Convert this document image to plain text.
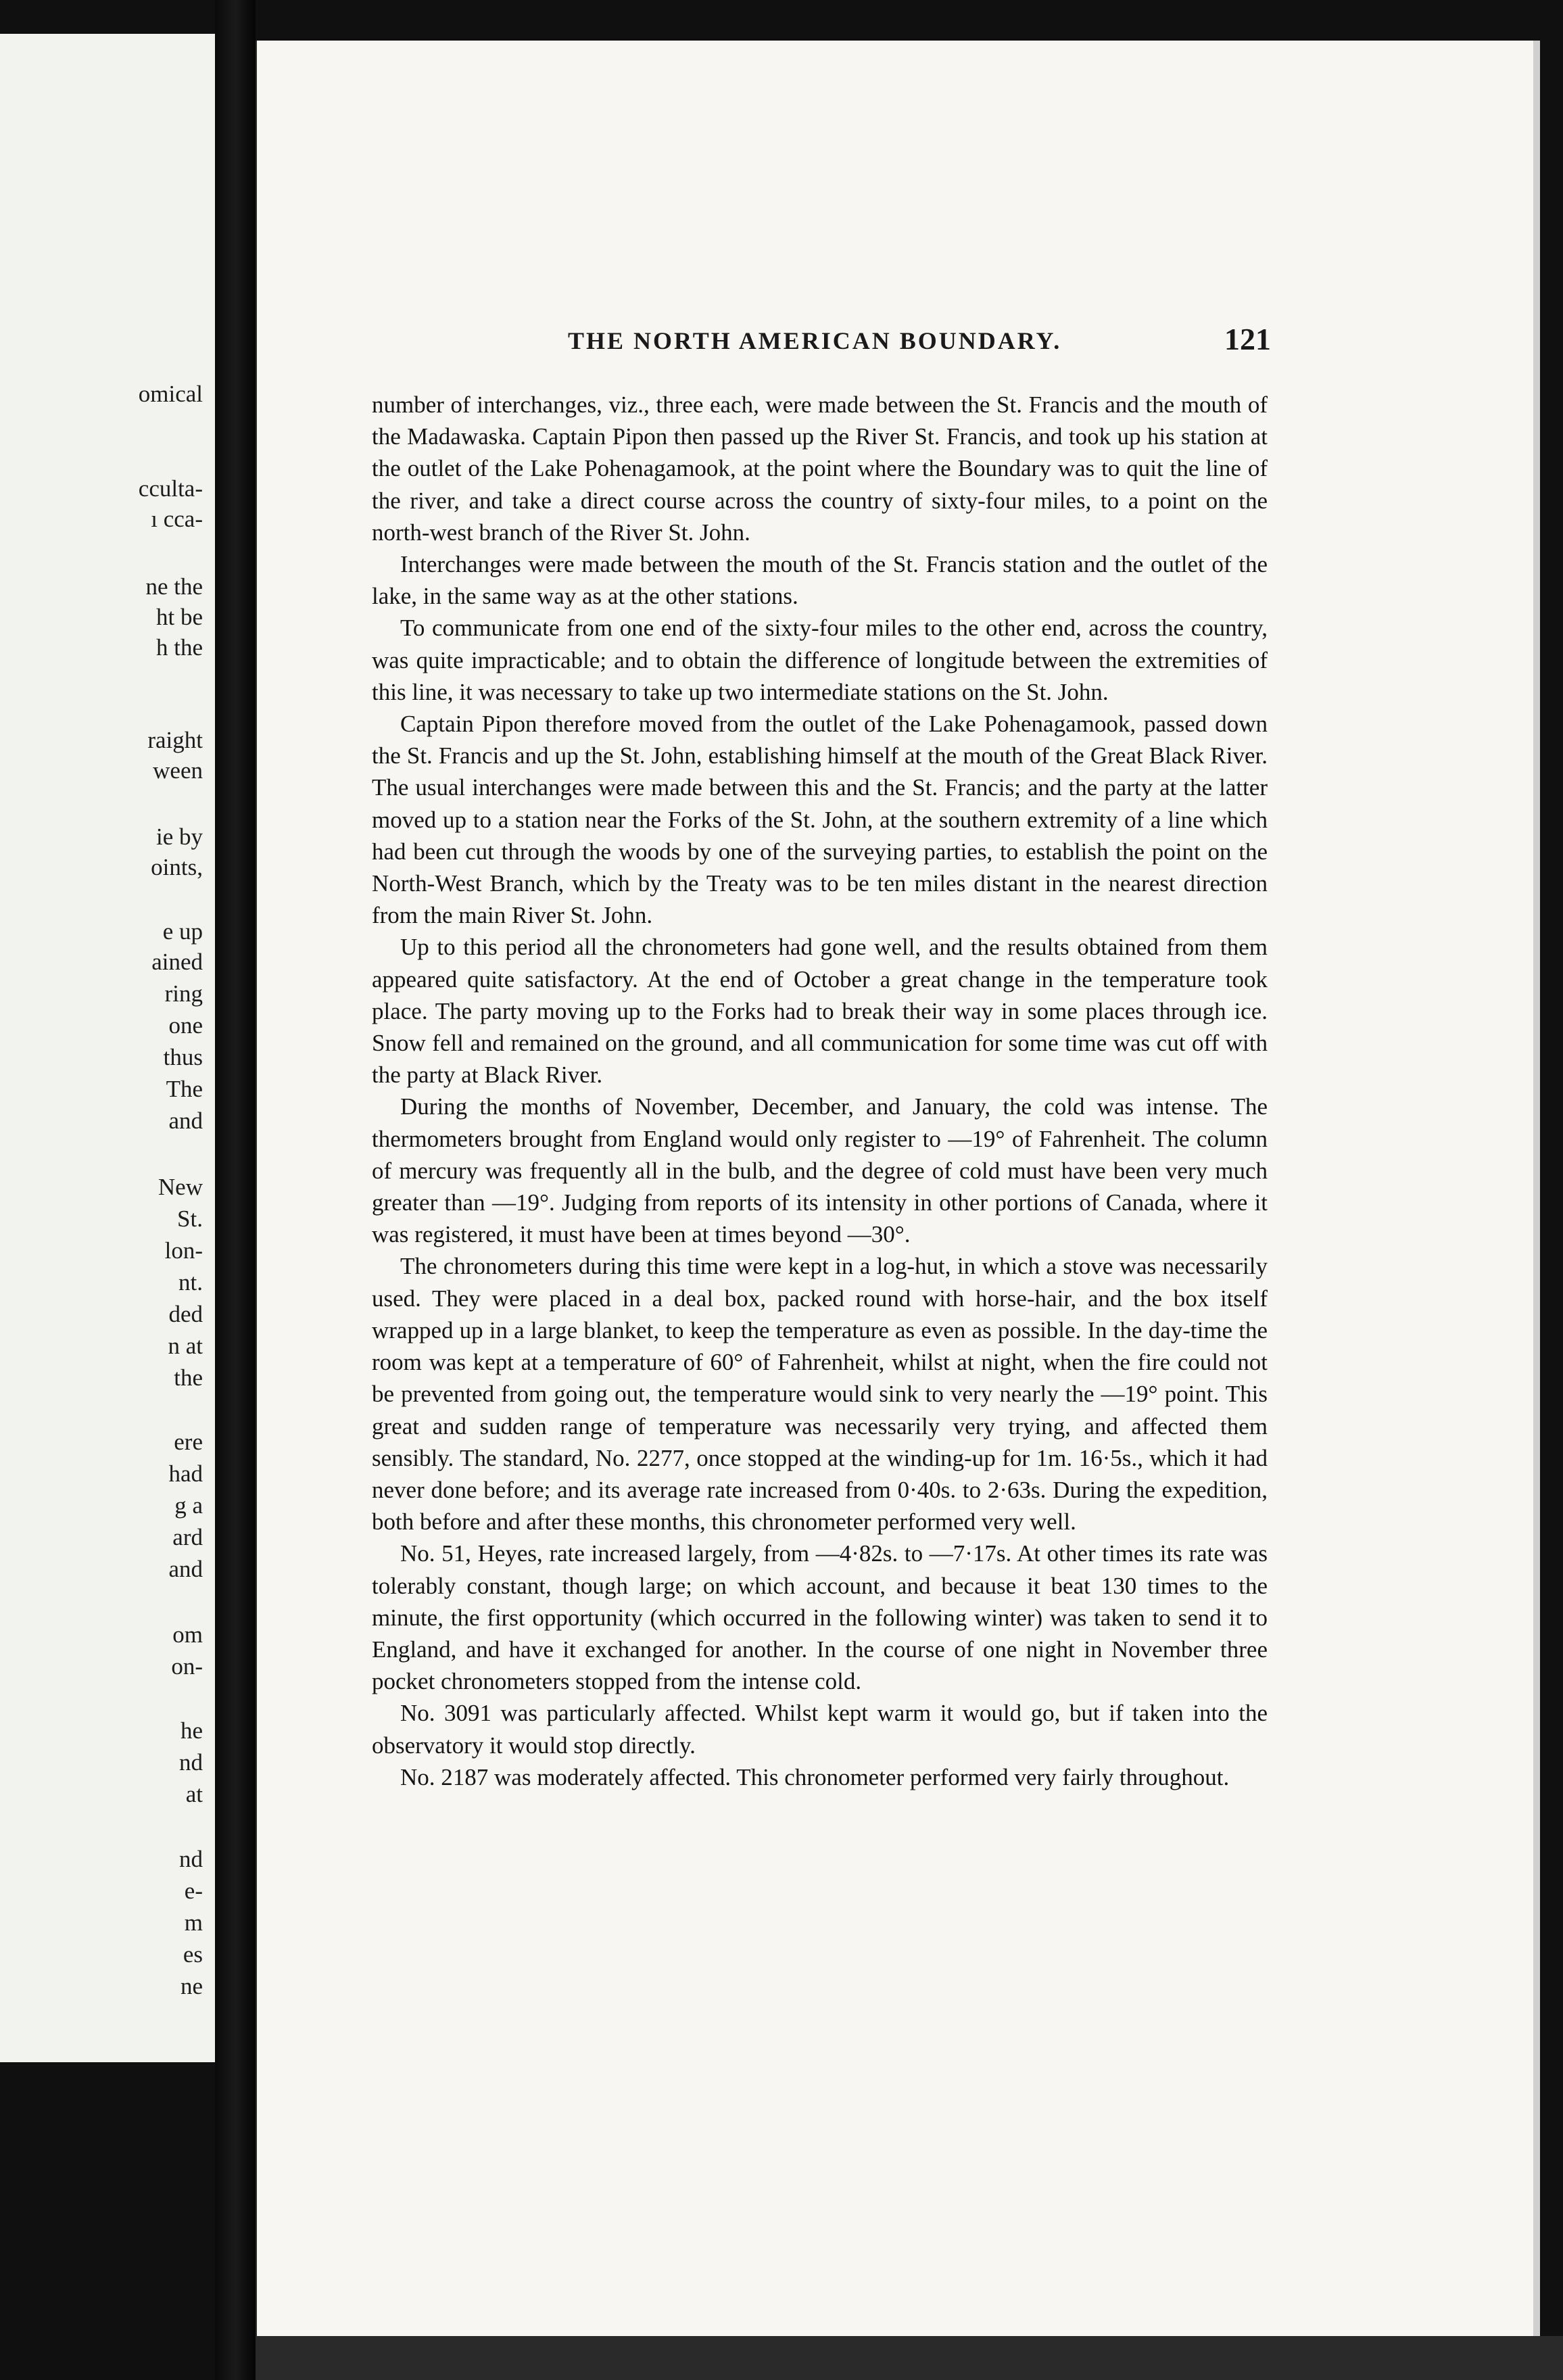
omical
cculta-
ı cca-
ne the
ht be
h the
raight
ween
ie by
oints,
e up
ained
ring
one
thus
The
and
New
St.
lon-
nt.
ded
n at
the
ere
had
g a
ard
and
om
on-
he
nd
at
nd
e-
m
es
ne
THE NORTH AMERICAN BOUNDARY.	121

number of interchanges, viz., three each, were made between the St. Francis and the mouth of the Madawaska. Captain Pipon then passed up the River St. Francis, and took up his station at the outlet of the Lake Pohenagamook, at the point where the Boundary was to quit the line of the river, and take a direct course across the country of sixty-four miles, to a point on the north-west branch of the River St. John.

Interchanges were made between the mouth of the St. Francis station and the outlet of the lake, in the same way as at the other stations.

To communicate from one end of the sixty-four miles to the other end, across the country, was quite impracticable; and to obtain the difference of longitude between the extremities of this line, it was necessary to take up two intermediate stations on the St. John.

Captain Pipon therefore moved from the outlet of the Lake Pohenagamook, passed down the St. Francis and up the St. John, establishing himself at the mouth of the Great Black River. The usual interchanges were made between this and the St. Francis; and the party at the latter moved up to a station near the Forks of the St. John, at the southern extremity of a line which had been cut through the woods by one of the surveying parties, to establish the point on the North-West Branch, which by the Treaty was to be ten miles distant in the nearest direction from the main River St. John.

Up to this period all the chronometers had gone well, and the results obtained from them appeared quite satisfactory. At the end of October a great change in the temperature took place. The party moving up to the Forks had to break their way in some places through ice. Snow fell and remained on the ground, and all communication for some time was cut off with the party at Black River.

During the months of November, December, and January, the cold was intense. The thermometers brought from England would only register to —19° of Fahrenheit. The column of mercury was frequently all in the bulb, and the degree of cold must have been very much greater than —19°. Judging from reports of its intensity in other portions of Canada, where it was registered, it must have been at times beyond —30°.

The chronometers during this time were kept in a log-hut, in which a stove was necessarily used. They were placed in a deal box, packed round with horse-hair, and the box itself wrapped up in a large blanket, to keep the temperature as even as possible. In the day-time the room was kept at a temperature of 60° of Fahrenheit, whilst at night, when the fire could not be prevented from going out, the temperature would sink to very nearly the —19° point. This great and sudden range of temperature was necessarily very trying, and affected them sensibly. The standard, No. 2277, once stopped at the winding-up for 1m. 16·5s., which it had never done before; and its average rate increased from 0·40s. to 2·63s. During the expedition, both before and after these months, this chronometer performed very well.

No. 51, Heyes, rate increased largely, from —4·82s. to —7·17s. At other times its rate was tolerably constant, though large; on which account, and because it beat 130 times to the minute, the first opportunity (which occurred in the following winter) was taken to send it to England, and have it exchanged for another. In the course of one night in November three pocket chronometers stopped from the intense cold.

No. 3091 was particularly affected. Whilst kept warm it would go, but if taken into the observatory it would stop directly.

No. 2187 was moderately affected. This chronometer performed very fairly throughout.
